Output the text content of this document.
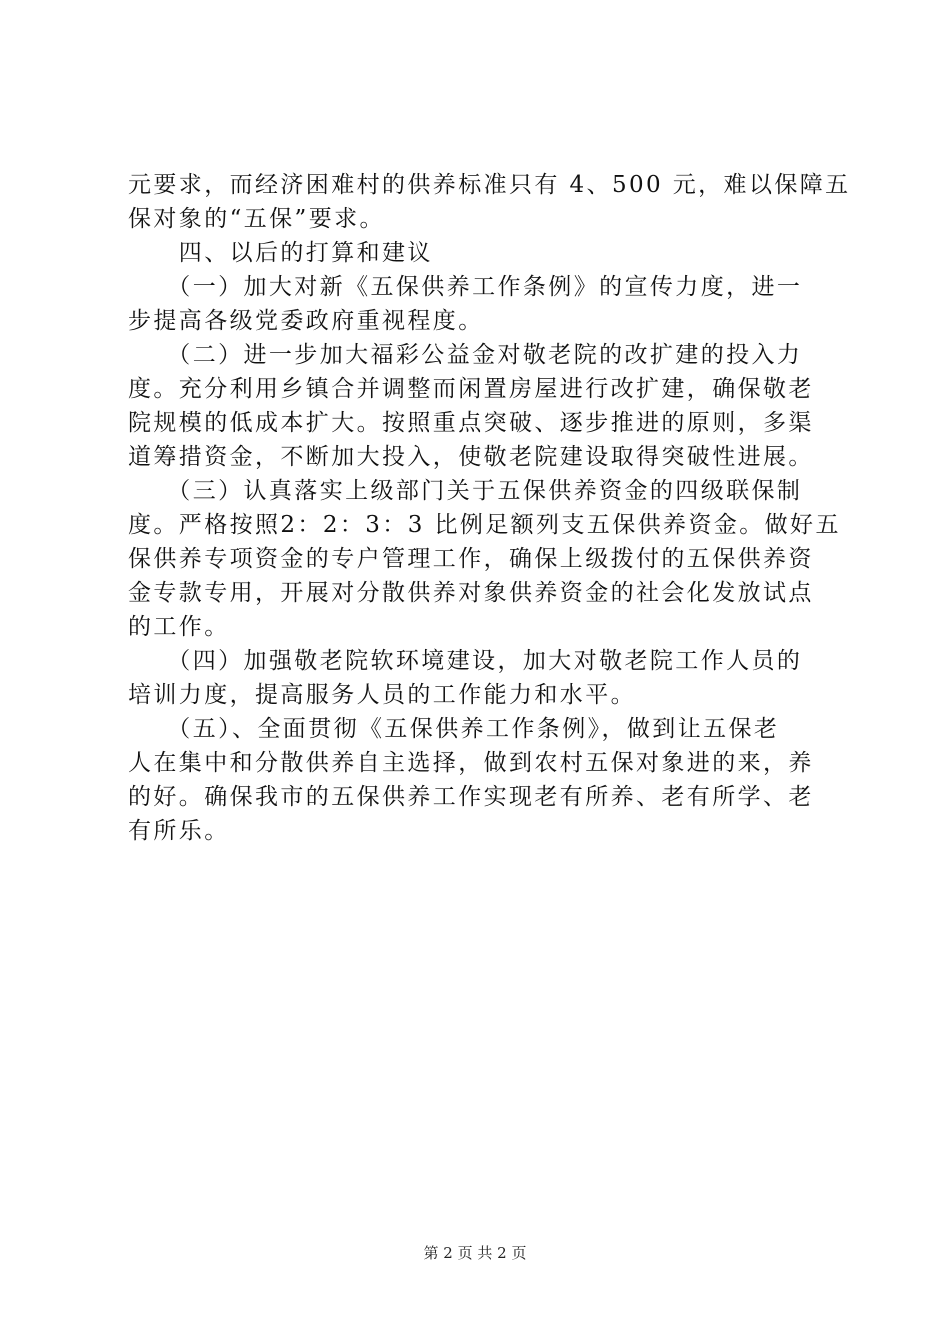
元要求，而经济困难村的供养标准只有 4、500 元，难以保障五
保对象的“五保”要求。
　　四、以后的打算和建议
　　（一）加大对新《五保供养工作条例》的宣传力度，进一
步提高各级党委政府重视程度。
　　（二）进一步加大福彩公益金对敬老院的改扩建的投入力
度。充分利用乡镇合并调整而闲置房屋进行改扩建，确保敬老
院规模的低成本扩大。按照重点突破、逐步推进的原则，多渠
道筹措资金，不断加大投入，使敬老院建设取得突破性进展。
　　（三）认真落实上级部门关于五保供养资金的四级联保制
度。严格按照2：2：3：3 比例足额列支五保供养资金。做好五
保供养专项资金的专户管理工作，确保上级拨付的五保供养资
金专款专用，开展对分散供养对象供养资金的社会化发放试点
的工作。
　　（四）加强敬老院软环境建设，加大对敬老院工作人员的
培训力度，提高服务人员的工作能力和水平。
　　（五）、全面贯彻《五保供养工作条例》，做到让五保老
人在集中和分散供养自主选择，做到农村五保对象进的来，养
的好。确保我市的五保供养工作实现老有所养、老有所学、老
有所乐。
第 2 页 共 2 页
